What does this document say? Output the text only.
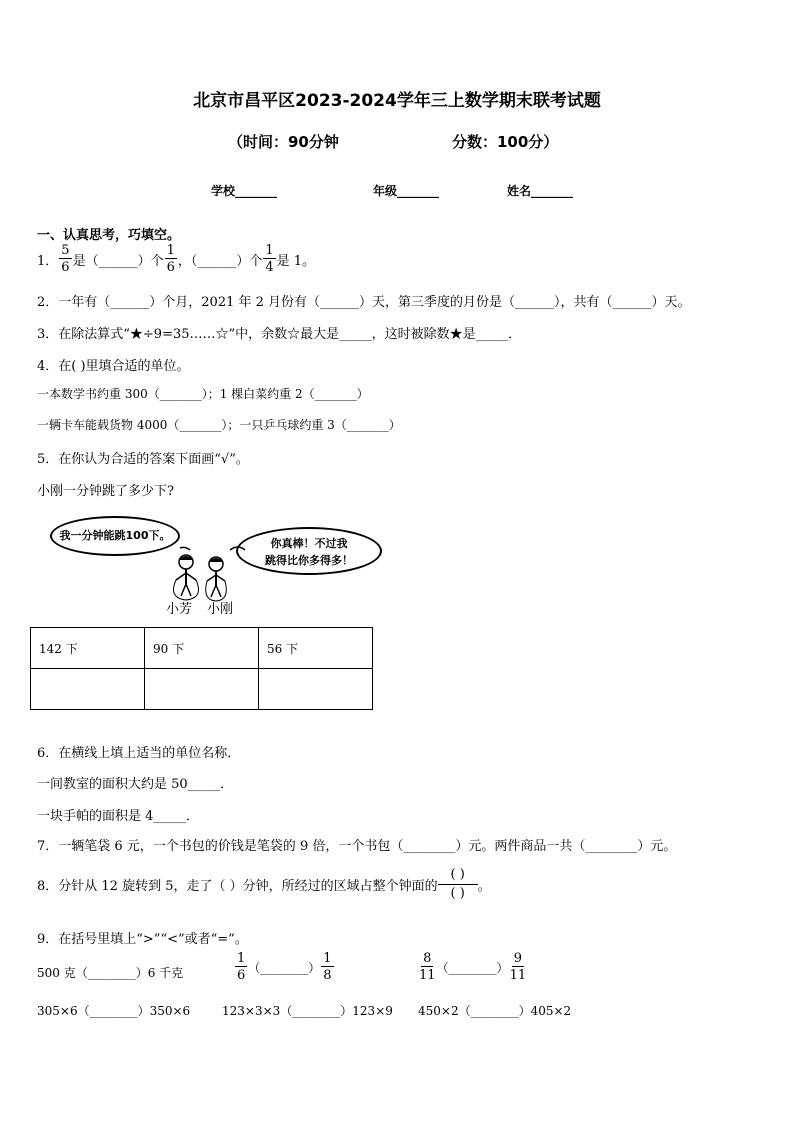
北京市昌平区2023-2024学年三上数学期末联考试题
（时间：90分钟	分数：100分）
学校_______	年级_______	姓名_______
一、认真思考，巧填空。
1． $\frac{5}{6}$ 是（______）个 $\frac{1}{6}$ ，（______）个 $\frac{1}{4}$ 是 1。
2．一年有（______）个月，2021 年 2 月份有（______）天，第三季度的月份是（______），共有（______）天。
3．在除法算式“★÷9=35……☆”中，余数☆最大是_____，这时被除数★是_____．
4．在( )里填合适的单位。
一本数学书约重 300（_______）；1 棵白菜约重 2（_______）
一辆卡车能载货物 4000（_______）；一只乒乓球约重 3（_______）
5．在你认为合适的答案下面画“√”。
小刚一分钟跳了多少下?
我一分钟能跳100下。
你真棒！不过我
跳得比你多得多！
小芳 小刚
142 下	90 下	56 下

6．在横线上填上适当的单位名称．
一间教室的面积大约是 50_____．
一块手帕的面积是 4_____．
7．一辆笔袋 6 元，一个书包的价钱是笔袋的 9 倍，一个书包（________）元。两件商品一共（________）元。
8．分针从 12 旋转到 5，走了（ ）分钟，所经过的区域占整个钟面的
( )
( ) 。
9．在括号里填上“>”“<”或者“=”。
500 克（________）6 千克	$\frac{1}{6}$ （________） $\frac{1}{8}$	$\frac{8}{11}$ （________） $\frac{9}{11}$
305×6（________）350×6	123×3×3（________）123×9 450×2（________）405×2
